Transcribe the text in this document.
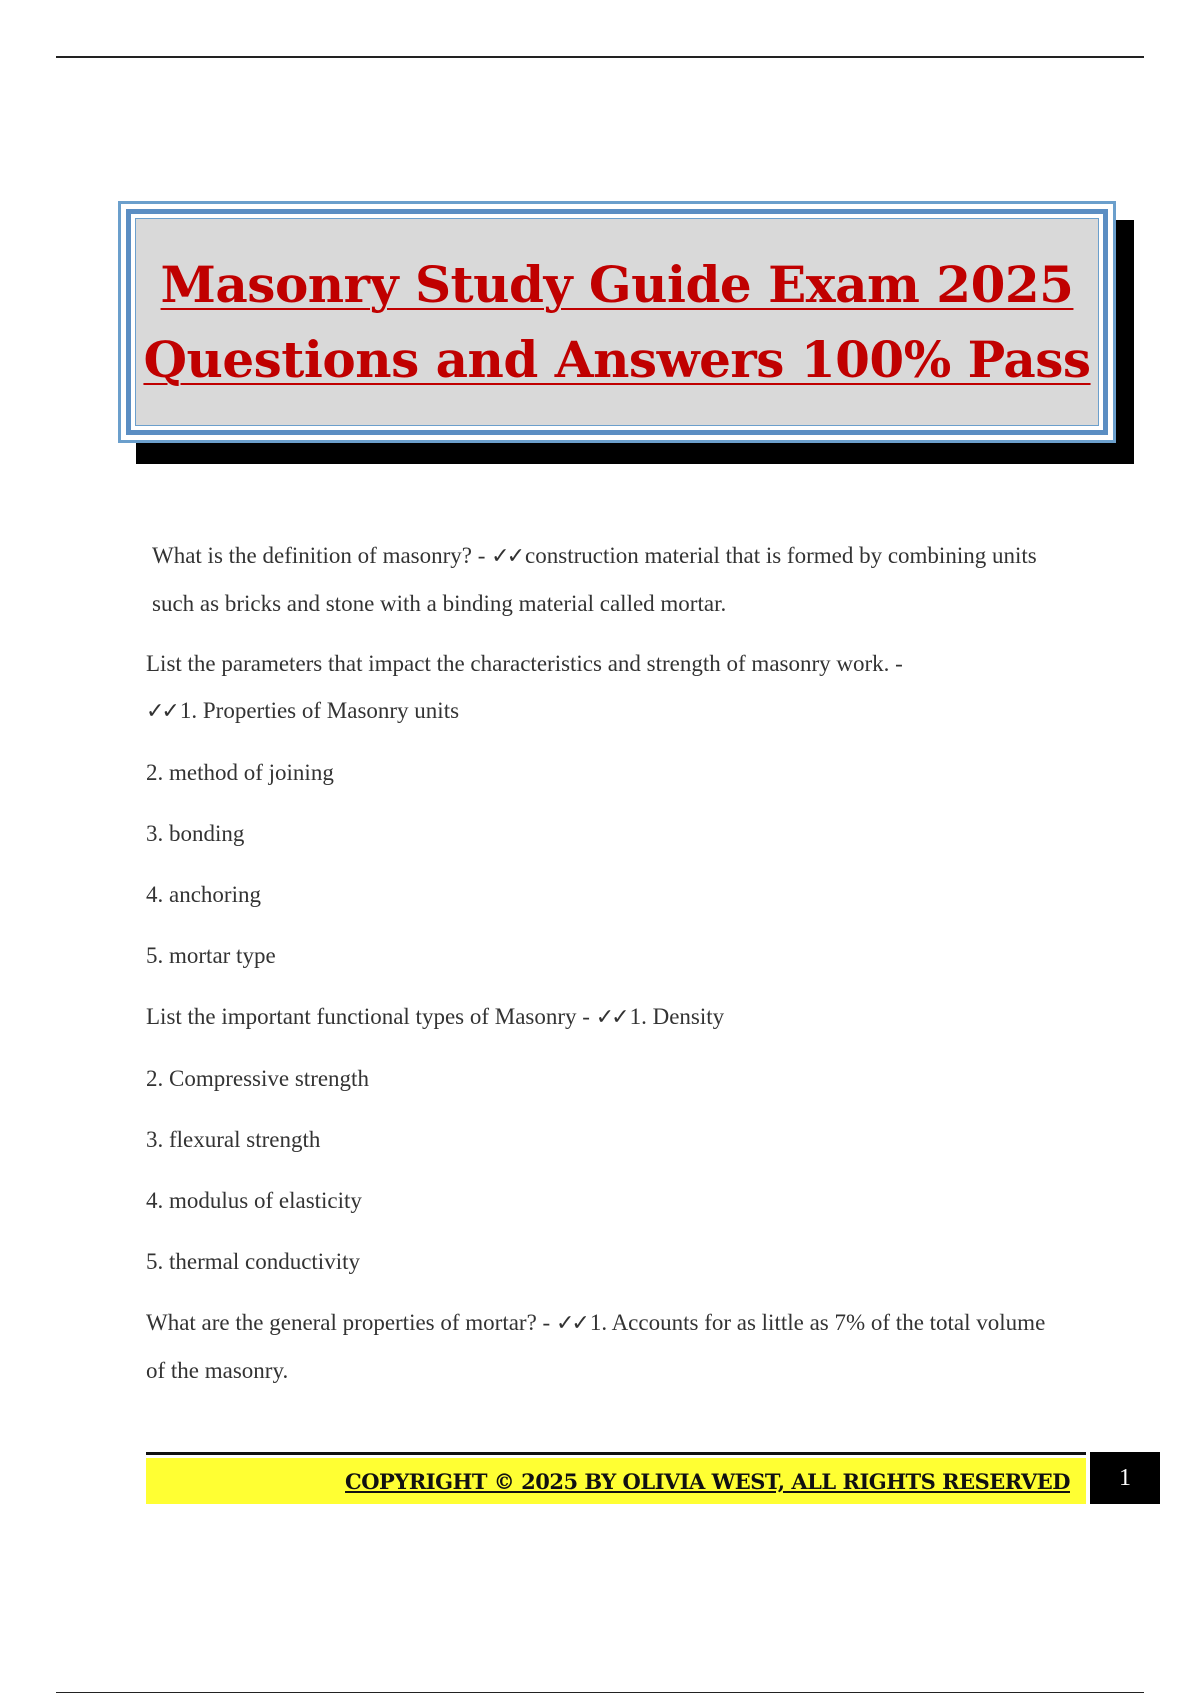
Masonry Study Guide Exam 2025
Questions and Answers 100% Pass

What is the definition of masonry? - ✓✓ construction material that is formed by combining units such as bricks and stone with a binding material called mortar.

List the parameters that impact the characteristics and strength of masonry work. -
✓✓ 1. Properties of Masonry units

2. method of joining

3. bonding

4. anchoring

5. mortar type

List the important functional types of Masonry - ✓✓ 1. Density

2. Compressive strength

3. flexural strength

4. modulus of elasticity

5. thermal conductivity

What are the general properties of mortar? - ✓✓ 1. Accounts for as little as 7% of the total volume of the masonry.

COPYRIGHT © 2025 BY OLIVIA WEST, ALL RIGHTS RESERVED	1
